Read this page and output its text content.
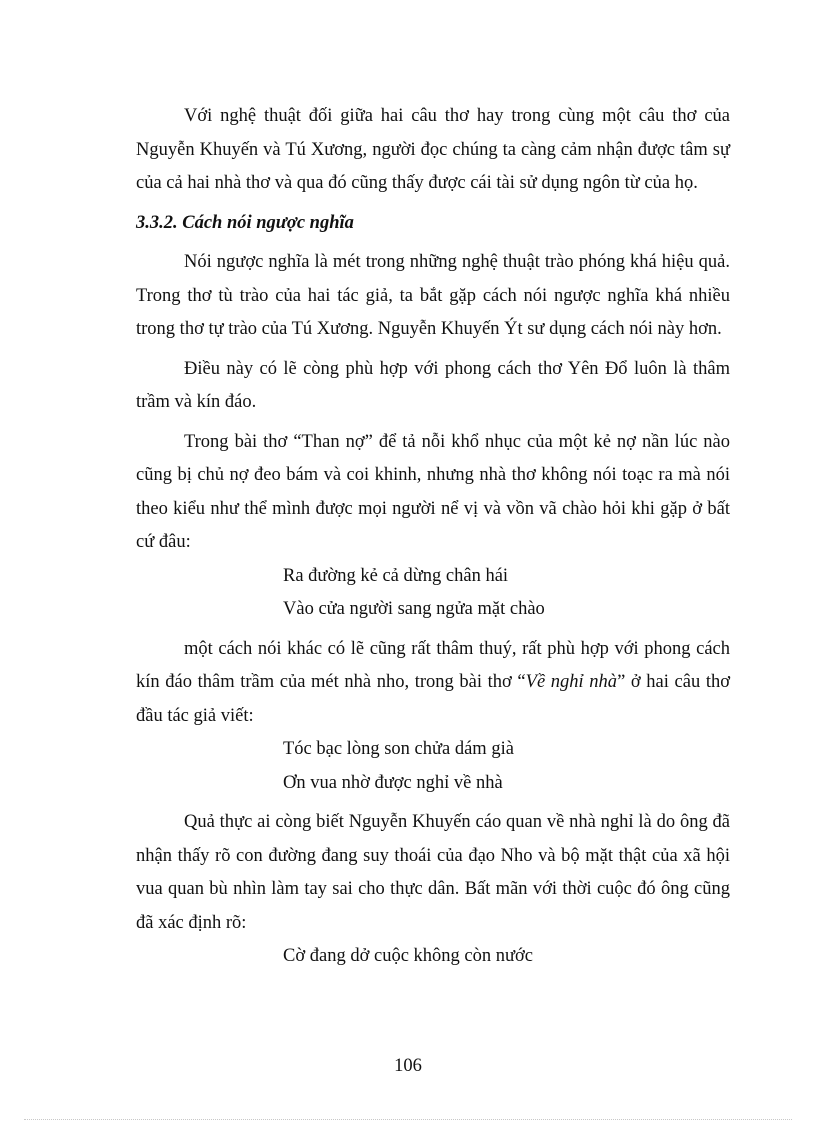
Với nghệ thuật đối giữa hai câu thơ hay trong cùng một câu thơ của Nguyễn Khuyến và Tú Xương, người đọc chúng ta càng cảm nhận được tâm sự của cả hai nhà thơ và qua đó cũng thấy được cái tài sử dụng ngôn từ của họ.

3.3.2. Cách nói ngược nghĩa

Nói ngược nghĩa là mét trong những nghệ thuật trào phóng khá hiệu quả. Trong thơ tù trào của hai tác giả, ta bắt gặp cách nói ngược nghĩa khá nhiều trong thơ tự trào của Tú Xương. Nguyễn Khuyến Ýt sư dụng cách nói này hơn.

Điều này có lẽ còng phù hợp với phong cách thơ Yên Đổ luôn là thâm trầm và kín đáo.

Trong bài thơ “Than nợ” để tả nỗi khổ nhục của một kẻ nợ nần lúc nào cũng bị chủ nợ đeo bám và coi khinh, nhưng nhà thơ không nói toạc ra mà nói theo kiểu như thể mình được mọi người nể vị và vồn vã chào hỏi khi gặp ở bất cứ đâu:

Ra đường kẻ cả dừng chân hái

Vào cửa người sang ngửa mặt chào

một cách nói khác có lẽ cũng rất thâm thuý, rất phù hợp với phong cách kín đáo thâm trầm của mét nhà nho, trong bài thơ “Về nghỉ nhà” ở hai câu thơ đầu tác giả viết:

Tóc bạc lòng son chửa dám già

Ơn vua nhờ được nghỉ về nhà

Quả thực ai còng biết Nguyễn Khuyến cáo quan về nhà nghỉ là do ông đã nhận thấy rõ con đường đang suy thoái của đạo Nho và bộ mặt thật của xã hội vua quan bù nhìn làm tay sai cho thực dân. Bất mãn với thời cuộc đó ông cũng đã xác định rõ:

Cờ đang dở cuộc không còn nước

106
